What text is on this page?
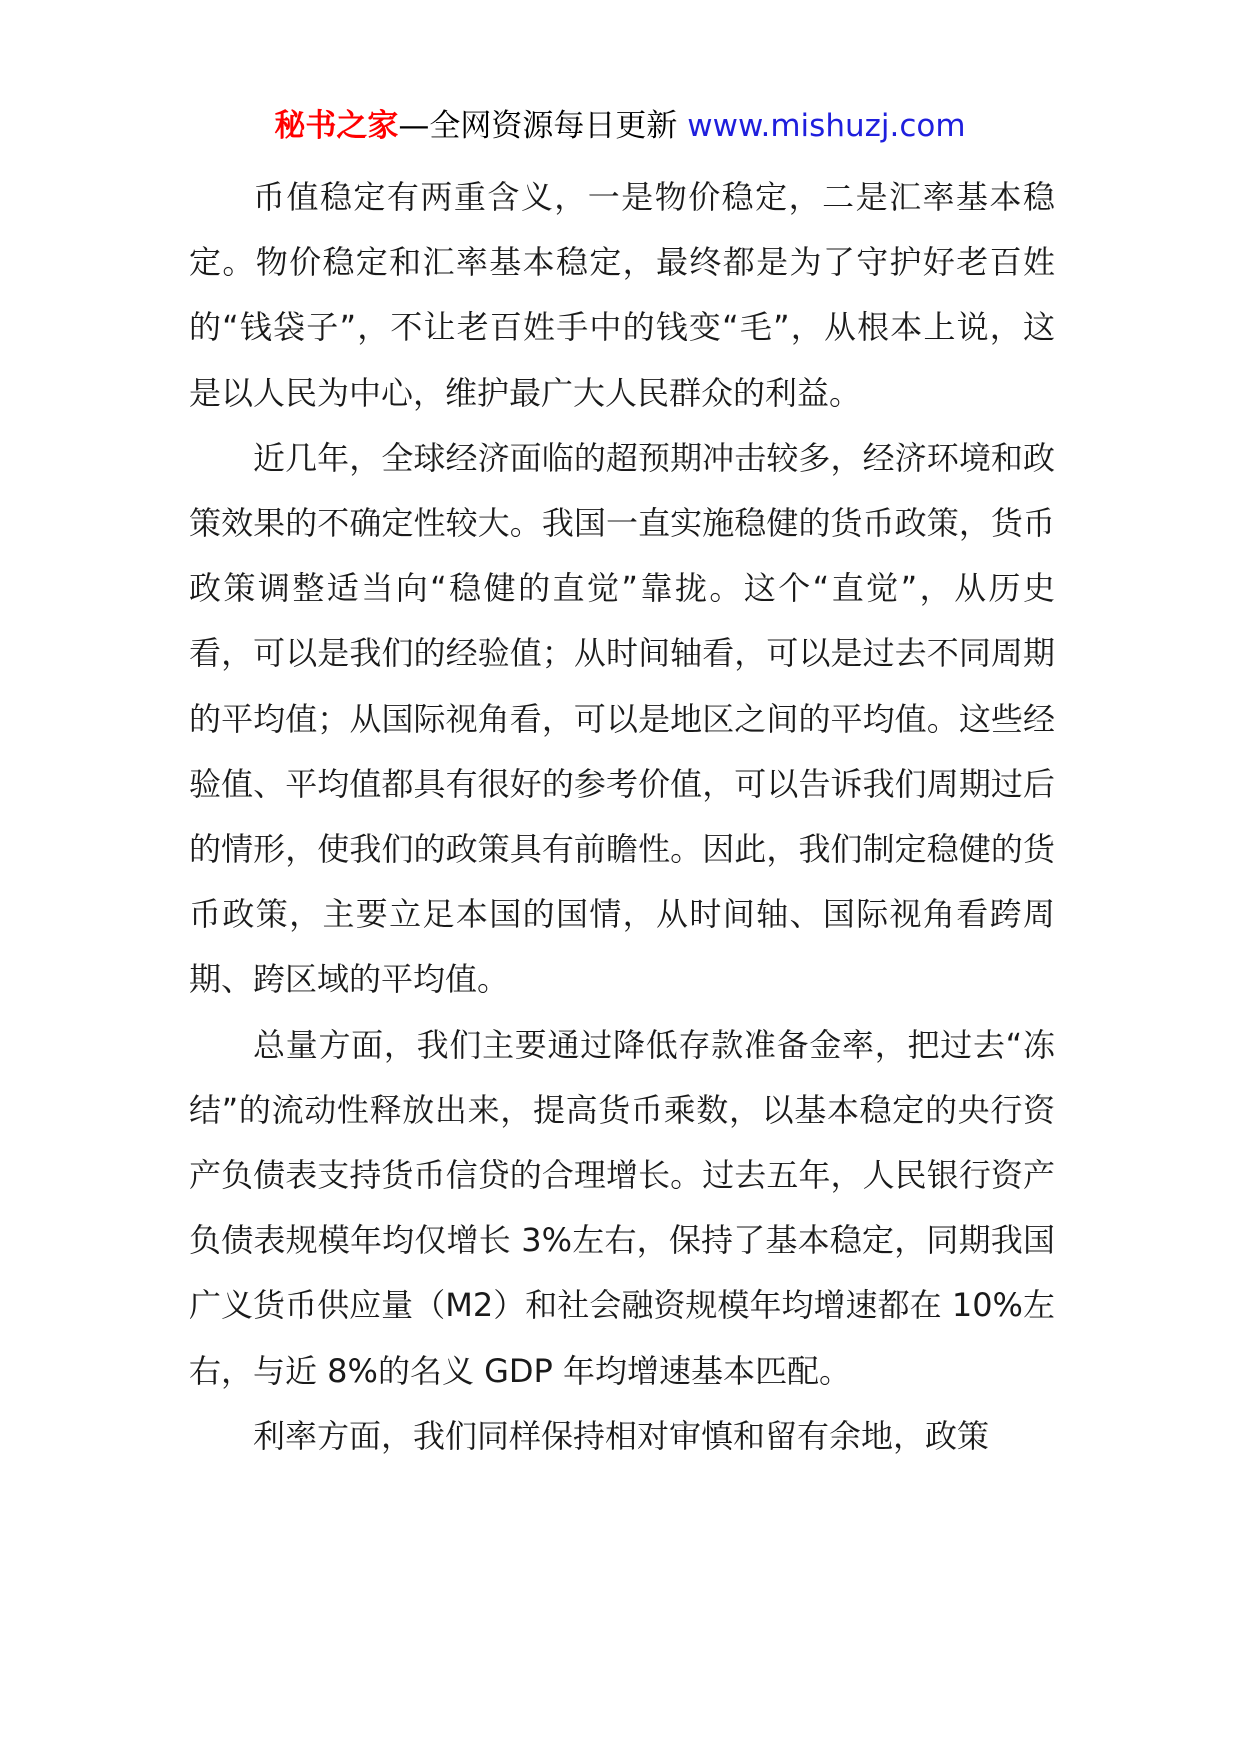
秘书之家—全网资源每日更新 www.mishuzj.com

币值稳定有两重含义，一是物价稳定，二是汇率基本稳定。物价稳定和汇率基本稳定，最终都是为了守护好老百姓的“钱袋子”，不让老百姓手中的钱变“毛”，从根本上说，这是以人民为中心，维护最广大人民群众的利益。

近几年，全球经济面临的超预期冲击较多，经济环境和政策效果的不确定性较大。我国一直实施稳健的货币政策，货币政策调整适当向“稳健的直觉”靠拢。这个“直觉”，从历史看，可以是我们的经验值；从时间轴看，可以是过去不同周期的平均值；从国际视角看，可以是地区之间的平均值。这些经验值、平均值都具有很好的参考价值，可以告诉我们周期过后的情形，使我们的政策具有前瞻性。因此，我们制定稳健的货币政策，主要立足本国的国情，从时间轴、国际视角看跨周期、跨区域的平均值。

总量方面，我们主要通过降低存款准备金率，把过去“冻结”的流动性释放出来，提高货币乘数，以基本稳定的央行资产负债表支持货币信贷的合理增长。过去五年，人民银行资产负债表规模年均仅增长 3%左右，保持了基本稳定，同期我国广义货币供应量（M2）和社会融资规模年均增速都在 10%左右，与近 8%的名义 GDP 年均增速基本匹配。

利率方面，我们同样保持相对审慎和留有余地，政策
